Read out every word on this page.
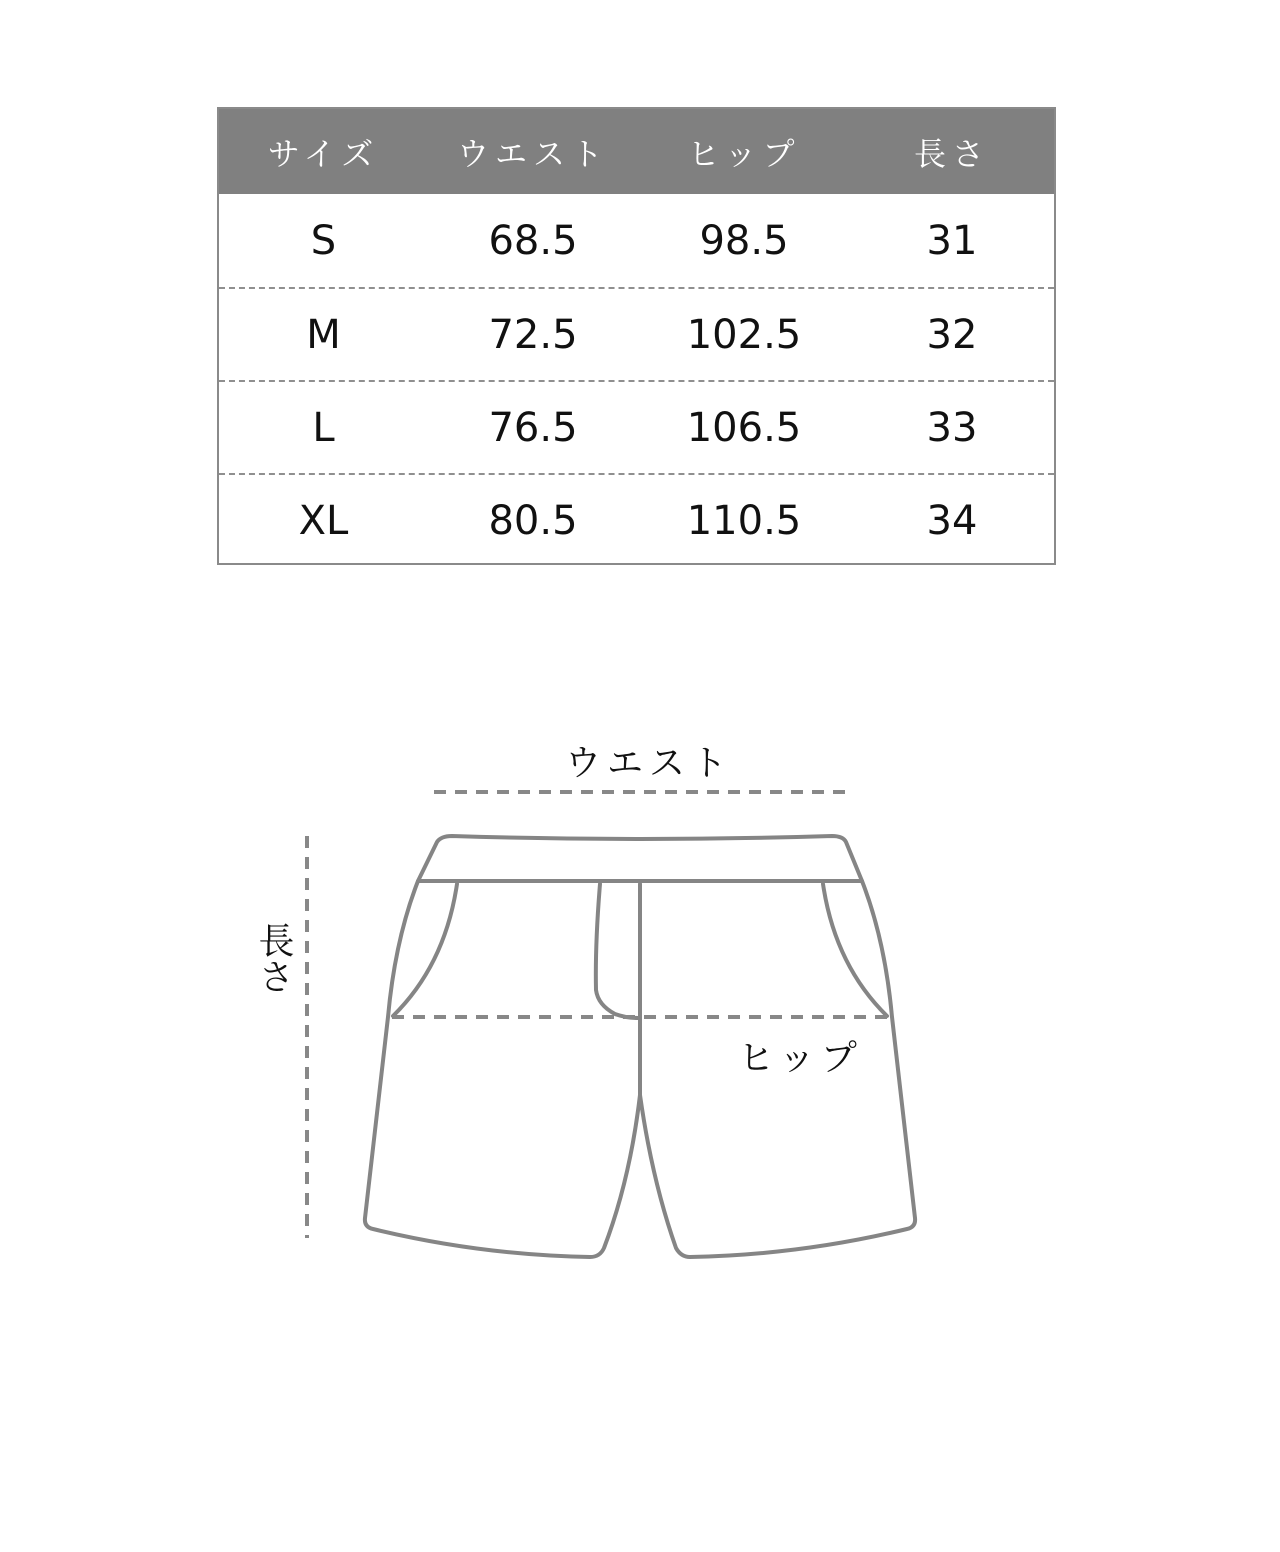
サイズ	ウエスト	ヒップ	長さ
S	68.5	98.5	31
M	72.5	102.5	32
L	76.5	106.5	33
XL	80.5	110.5	34
ウエスト
ヒップ
長さ
